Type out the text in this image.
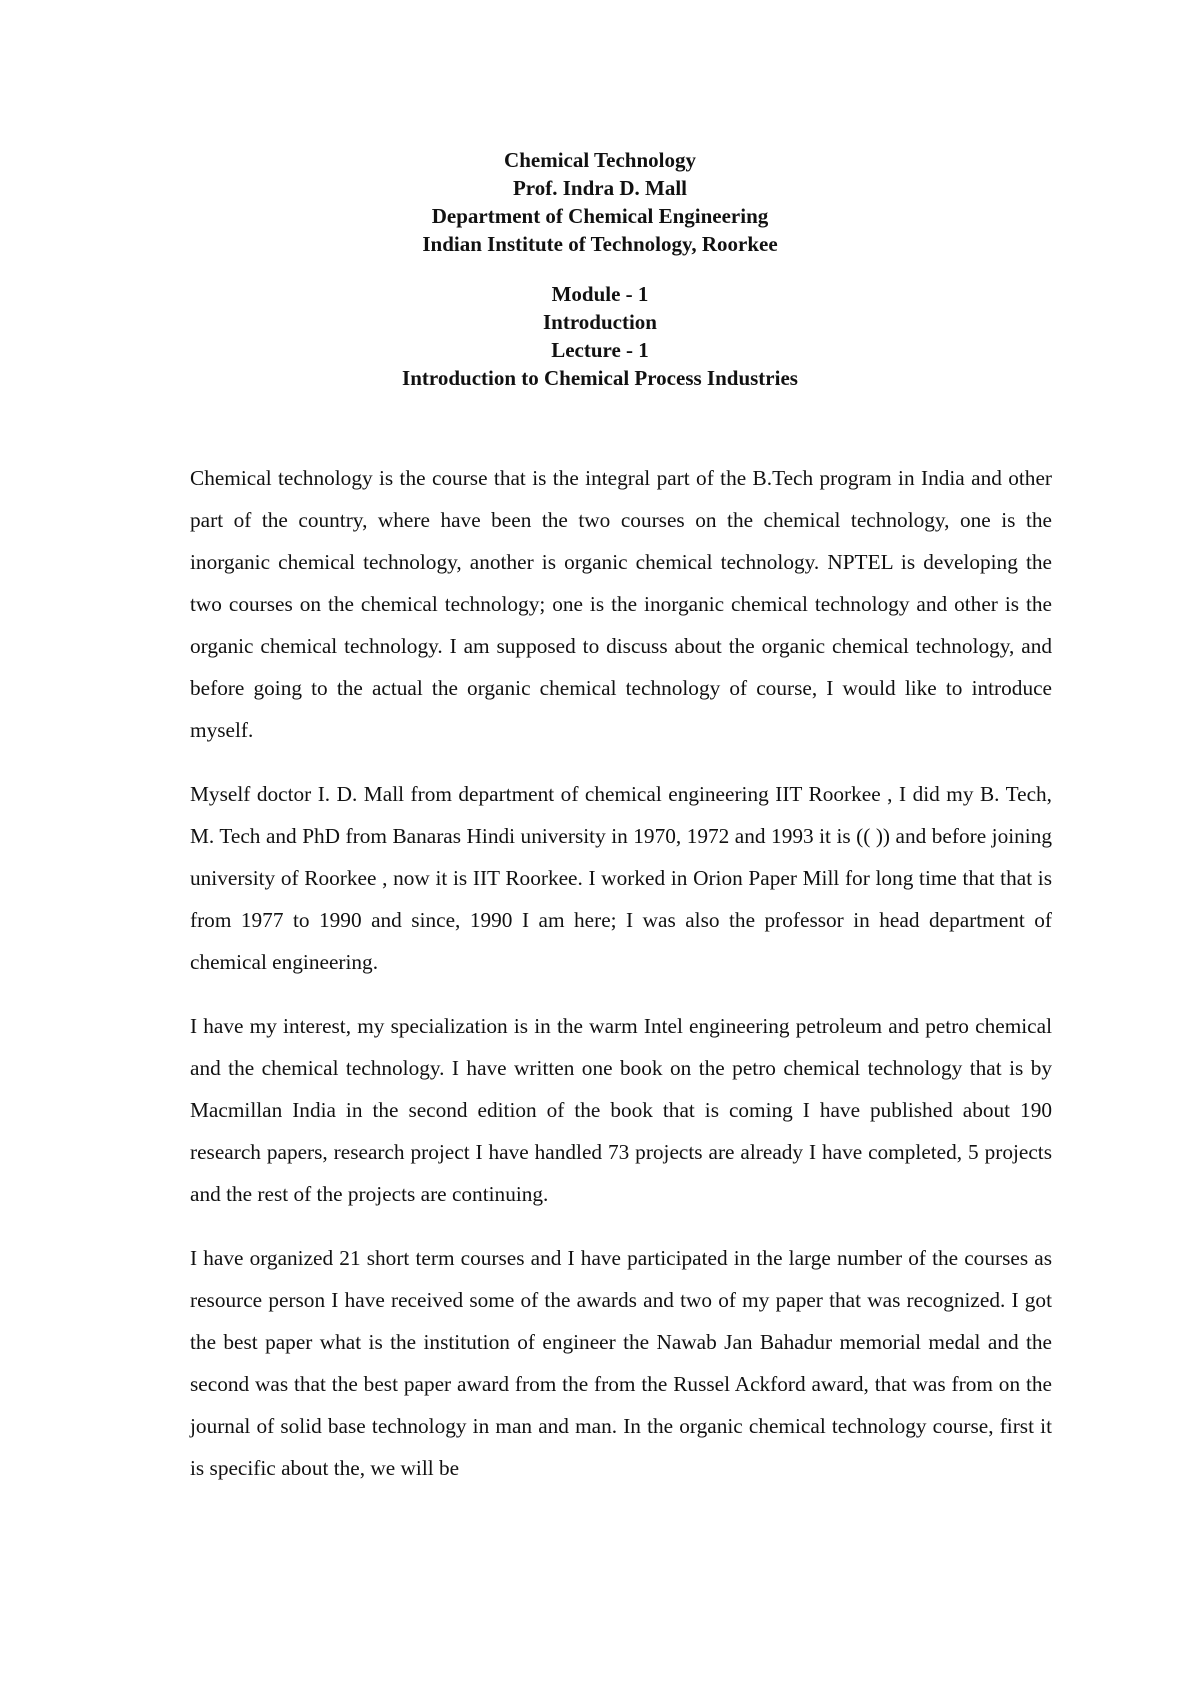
Chemical Technology
Prof. Indra D. Mall
Department of Chemical Engineering
Indian Institute of Technology, Roorkee
Module - 1
Introduction
Lecture - 1
Introduction to Chemical Process Industries

Chemical technology is the course that is the integral part of the B.Tech program in India and other part of the country, where have been the two courses on the chemical technology, one is the inorganic chemical technology, another is organic chemical technology. NPTEL is developing the two courses on the chemical technology; one is the inorganic chemical technology and other is the organic chemical technology. I am supposed to discuss about the organic chemical technology, and before going to the actual the organic chemical technology of course, I would like to introduce myself.

Myself doctor I. D. Mall from department of chemical engineering IIT Roorkee , I did my B. Tech, M. Tech and PhD from Banaras Hindi university in 1970, 1972 and 1993 it is (( )) and before joining university of Roorkee , now it is IIT Roorkee. I worked in Orion Paper Mill for long time that that is from 1977 to 1990 and since, 1990 I am here; I was also the professor in head department of chemical engineering.

I have my interest, my specialization is in the warm Intel engineering petroleum and petro chemical and the chemical technology. I have written one book on the petro chemical technology that is by Macmillan India in the second edition of the book that is coming I have published about 190 research papers, research project I have handled 73 projects are already I have completed, 5 projects and the rest of the projects are continuing.

I have organized 21 short term courses and I have participated in the large number of the courses as resource person I have received some of the awards and two of my paper that was recognized. I got the best paper what is the institution of engineer the Nawab Jan Bahadur memorial medal and the second was that the best paper award from the from the Russel Ackford award, that was from on the journal of solid base technology in man and man. In the organic chemical technology course, first it is specific about the, we will be
